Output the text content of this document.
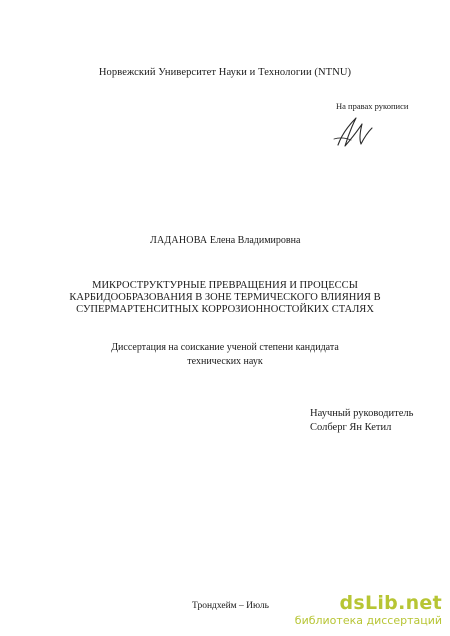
Норвежский Университет Науки и Технологии (NTNU)
На правах рукописи
ЛАДАНОВА Елена Владимировна
МИКРОСТРУКТУРНЫЕ ПРЕВРАЩЕНИЯ И ПРОЦЕССЫ
КАРБИДООБРАЗОВАНИЯ В ЗОНЕ ТЕРМИЧЕСКОГО ВЛИЯНИЯ В
СУПЕРМАРТЕНСИТНЫХ КОРРОЗИОННОСТОЙКИХ СТАЛЯХ
Диссертация на соискание ученой степени кандидата
технических наук
Научный руководитель
Солберг Ян Кетил
Трондхейм – Июль	dsLib.net
библиотека диссертаций
